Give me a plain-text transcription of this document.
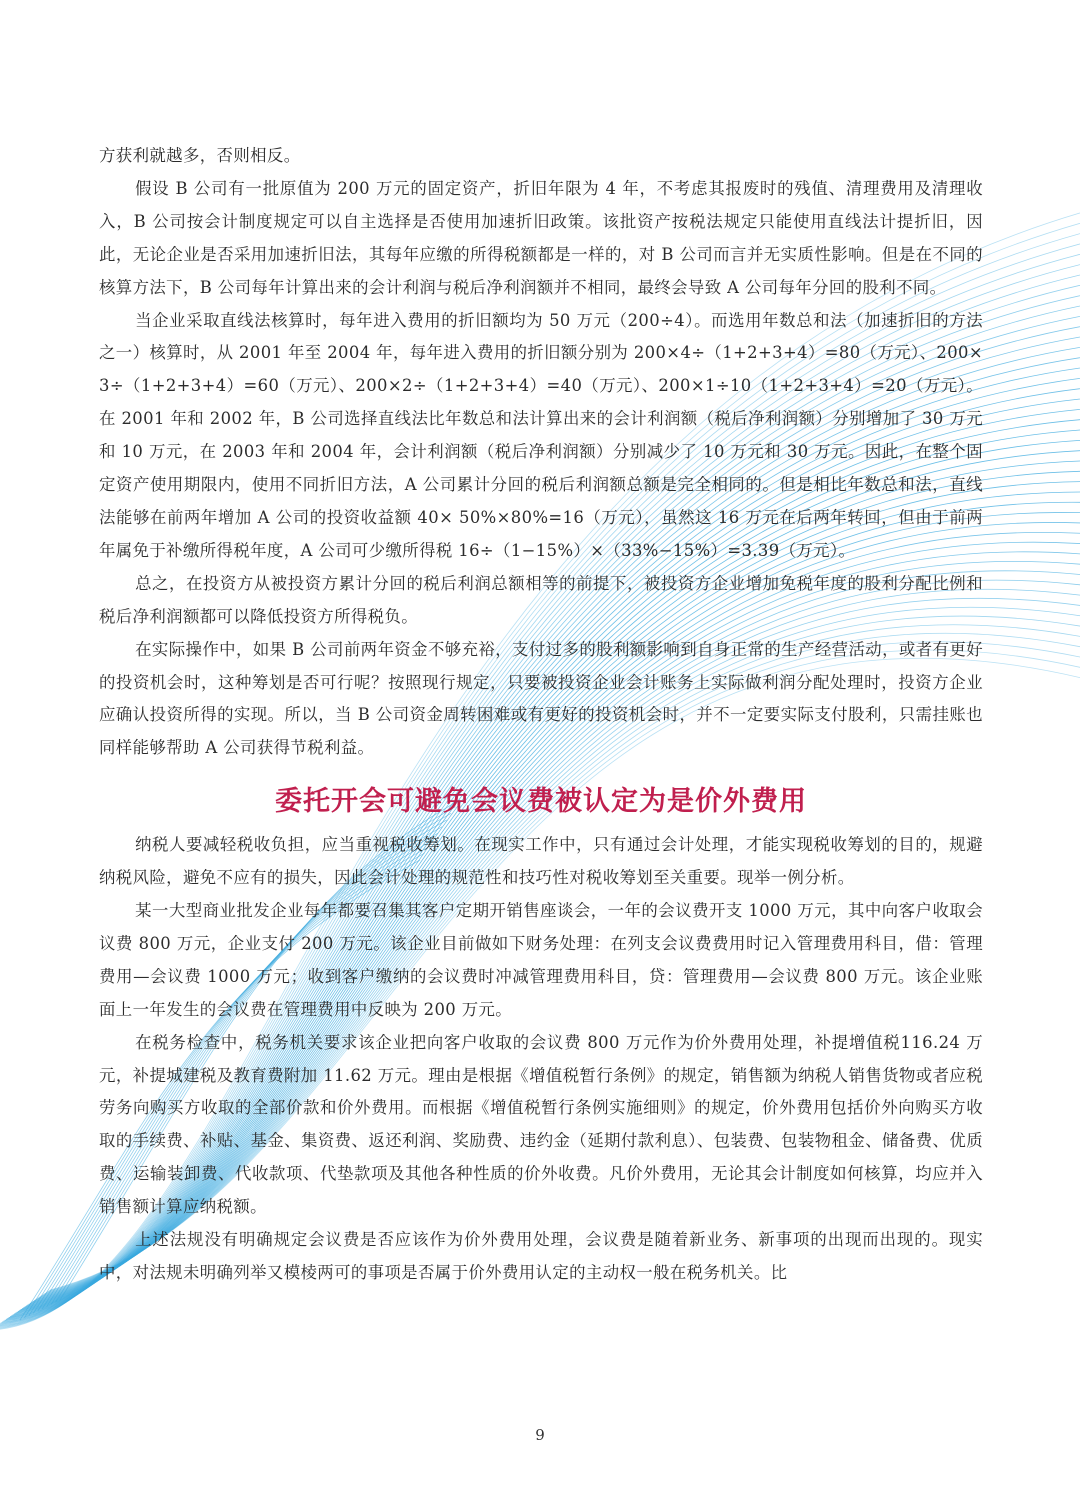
方获利就越多，否则相反。

假设 B 公司有一批原值为 200 万元的固定资产，折旧年限为 4 年，不考虑其报废时的残值、清理费用及清理收入，B 公司按会计制度规定可以自主选择是否使用加速折旧政策。该批资产按税法规定只能使用直线法计提折旧，因此，无论企业是否采用加速折旧法，其每年应缴的所得税额都是一样的，对 B 公司而言并无实质性影响。但是在不同的核算方法下，B 公司每年计算出来的会计利润与税后净利润额并不相同，最终会导致 A 公司每年分回的股利不同。

当企业采取直线法核算时，每年进入费用的折旧额均为 50 万元（200÷4）。而选用年数总和法（加速折旧的方法之一）核算时，从 2001 年至 2004 年，每年进入费用的折旧额分别为 200×4÷（1+2+3+4）=80（万元）、200×3÷（1+2+3+4）=60（万元）、200×2÷（1+2+3+4）=40（万元）、200×1÷10（1+2+3+4）=20（万元）。在 2001 年和 2002 年，B 公司选择直线法比年数总和法计算出来的会计利润额（税后净利润额）分别增加了 30 万元和 10 万元，在 2003 年和 2004 年，会计利润额（税后净利润额）分别减少了 10 万元和 30 万元。因此，在整个固定资产使用期限内，使用不同折旧方法，A 公司累计分回的税后利润额总额是完全相同的。但是相比年数总和法，直线法能够在前两年增加 A 公司的投资收益额 40× 50%×80%=16（万元），虽然这 16 万元在后两年转回，但由于前两年属免于补缴所得税年度，A 公司可少缴所得税 16÷（1−15%）×（33%−15%）=3.39（万元）。

总之，在投资方从被投资方累计分回的税后利润总额相等的前提下，被投资方企业增加免税年度的股利分配比例和税后净利润额都可以降低投资方所得税负。

在实际操作中，如果 B 公司前两年资金不够充裕，支付过多的股利额影响到自身正常的生产经营活动，或者有更好的投资机会时，这种筹划是否可行呢？按照现行规定，只要被投资企业会计账务上实际做利润分配处理时，投资方企业应确认投资所得的实现。所以，当 B 公司资金周转困难或有更好的投资机会时，并不一定要实际支付股利，只需挂账也同样能够帮助 A 公司获得节税利益。

委托开会可避免会议费被认定为是价外费用

纳税人要减轻税收负担，应当重视税收筹划。在现实工作中，只有通过会计处理，才能实现税收筹划的目的，规避纳税风险，避免不应有的损失，因此会计处理的规范性和技巧性对税收筹划至关重要。现举一例分析。

某一大型商业批发企业每年都要召集其客户定期开销售座谈会，一年的会议费开支 1000 万元，其中向客户收取会议费 800 万元，企业支付 200 万元。该企业目前做如下财务处理：在列支会议费费用时记入管理费用科目，借：管理费用—会议费 1000 万元；收到客户缴纳的会议费时冲减管理费用科目，贷：管理费用—会议费 800 万元。该企业账面上一年发生的会议费在管理费用中反映为 200 万元。

在税务检查中，税务机关要求该企业把向客户收取的会议费 800 万元作为价外费用处理，补提增值税116.24 万元，补提城建税及教育费附加 11.62 万元。理由是根据《增值税暂行条例》的规定，销售额为纳税人销售货物或者应税劳务向购买方收取的全部价款和价外费用。而根据《增值税暂行条例实施细则》的规定，价外费用包括价外向购买方收取的手续费、补贴、基金、集资费、返还利润、奖励费、违约金（延期付款利息）、包装费、包装物租金、储备费、优质费、运输装卸费、代收款项、代垫款项及其他各种性质的价外收费。凡价外费用，无论其会计制度如何核算，均应并入销售额计算应纳税额。

上述法规没有明确规定会议费是否应该作为价外费用处理，会议费是随着新业务、新事项的出现而出现的。现实中，对法规未明确列举又模棱两可的事项是否属于价外费用认定的主动权一般在税务机关。比

9
